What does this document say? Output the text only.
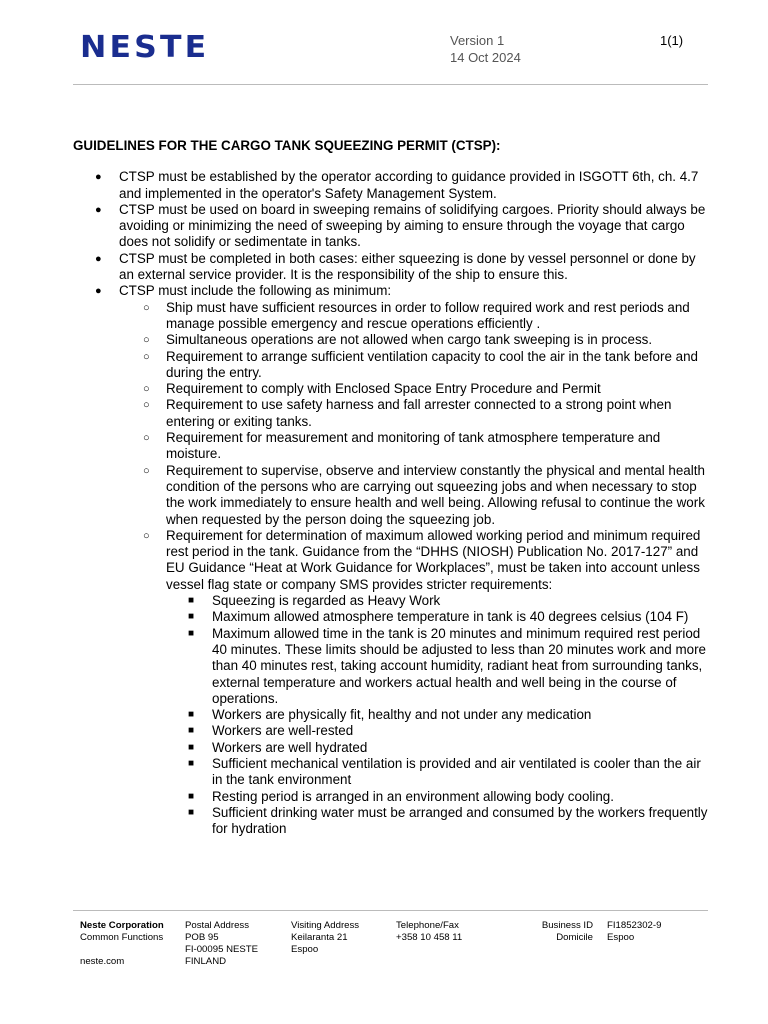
NESTE	Version 1
14 Oct 2024
1(1)
GUIDELINES FOR THE CARGO TANK SQUEEZING PERMIT (CTSP):
● CTSP must be established by the operator according to guidance provided in ISGOTT 6th, ch. 4.7 and implemented in the operator's Safety Management System.
● CTSP must be used on board in sweeping remains of solidifying cargoes. Priority should always be avoiding or minimizing the need of sweeping by aiming to ensure through the voyage that cargo does not solidify or sedimentate in tanks.
● CTSP must be completed in both cases: either squeezing is done by vessel personnel or done by an external service provider. It is the responsibility of the ship to ensure this.
● CTSP must include the following as minimum:
○ Ship must have sufficient resources in order to follow required work and rest periods and manage possible emergency and rescue operations efficiently .
○ Simultaneous operations are not allowed when cargo tank sweeping is in process.
○ Requirement to arrange sufficient ventilation capacity to cool the air in the tank before and during the entry.
○ Requirement to comply with Enclosed Space Entry Procedure and Permit
○ Requirement to use safety harness and fall arrester connected to a strong point when entering or exiting tanks.
○ Requirement for measurement and monitoring of tank atmosphere temperature and moisture.
○ Requirement to supervise, observe and interview constantly the physical and mental health condition of the persons who are carrying out squeezing jobs and when necessary to stop the work immediately to ensure health and well being. Allowing refusal to continue the work when requested by the person doing the squeezing job.
○ Requirement for determination of maximum allowed working period and minimum required rest period in the tank. Guidance from the “DHHS (NIOSH) Publication No. 2017-127” and EU Guidance “Heat at Work Guidance for Workplaces”, must be taken into account unless vessel flag state or company SMS provides stricter requirements:
■ Squeezing is regarded as Heavy Work
■ Maximum allowed atmosphere temperature in tank is 40 degrees celsius (104 F)
■ Maximum allowed time in the tank is 20 minutes and minimum required rest period 40 minutes. These limits should be adjusted to less than 20 minutes work and more than 40 minutes rest, taking account humidity, radiant heat from surrounding tanks, external temperature and workers actual health and well being in the course of operations.
■ Workers are physically fit, healthy and not under any medication
■ Workers are well-rested
■ Workers are well hydrated
■ Sufficient mechanical ventilation is provided and air ventilated is cooler than the air in the tank environment
■ Resting period is arranged in an environment allowing body cooling.
■ Sufficient drinking water must be arranged and consumed by the workers frequently for hydration
Neste Corporation
Common Functions

neste.com
Postal Address
POB 95
FI-00095 NESTE
FINLAND
Visiting Address
Keilaranta 21
Espoo
Telephone/Fax
+358 10 458 11
Business ID
Domicile
FI1852302-9
Espoo
